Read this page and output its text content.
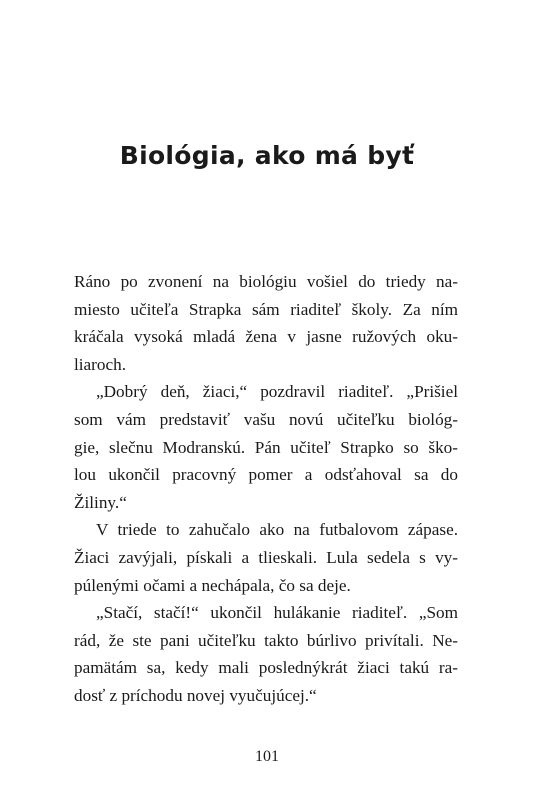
Biológia, ako má byť
Ráno po zvonení na biológiu vošiel do triedy na-
miesto učiteľa Strapka sám riaditeľ školy. Za ním
kráčala vysoká mladá žena v jasne ružových oku-
liaroch.
„Dobrý deň, žiaci,“ pozdravil riaditeľ. „Prišiel
som vám predstaviť vašu novú učiteľku biológ-
gie, slečnu Modranskú. Pán učiteľ Strapko so ško-
lou ukončil pracovný pomer a odsťahoval sa do
Žiliny.“
V triede to zahučalo ako na futbalovom zápase.
Žiaci zavýjali, pískali a tlieskali. Lula sedela s vy-
púlenými očami a nechápala, čo sa deje.
„Stačí, stačí!“ ukončil hulákanie riaditeľ. „Som
rád, že ste pani učiteľku takto búrlivo privítali. Ne-
pamätám sa, kedy mali poslednýkrát žiaci takú ra-
dosť z príchodu novej vyučujúcej.“
101
